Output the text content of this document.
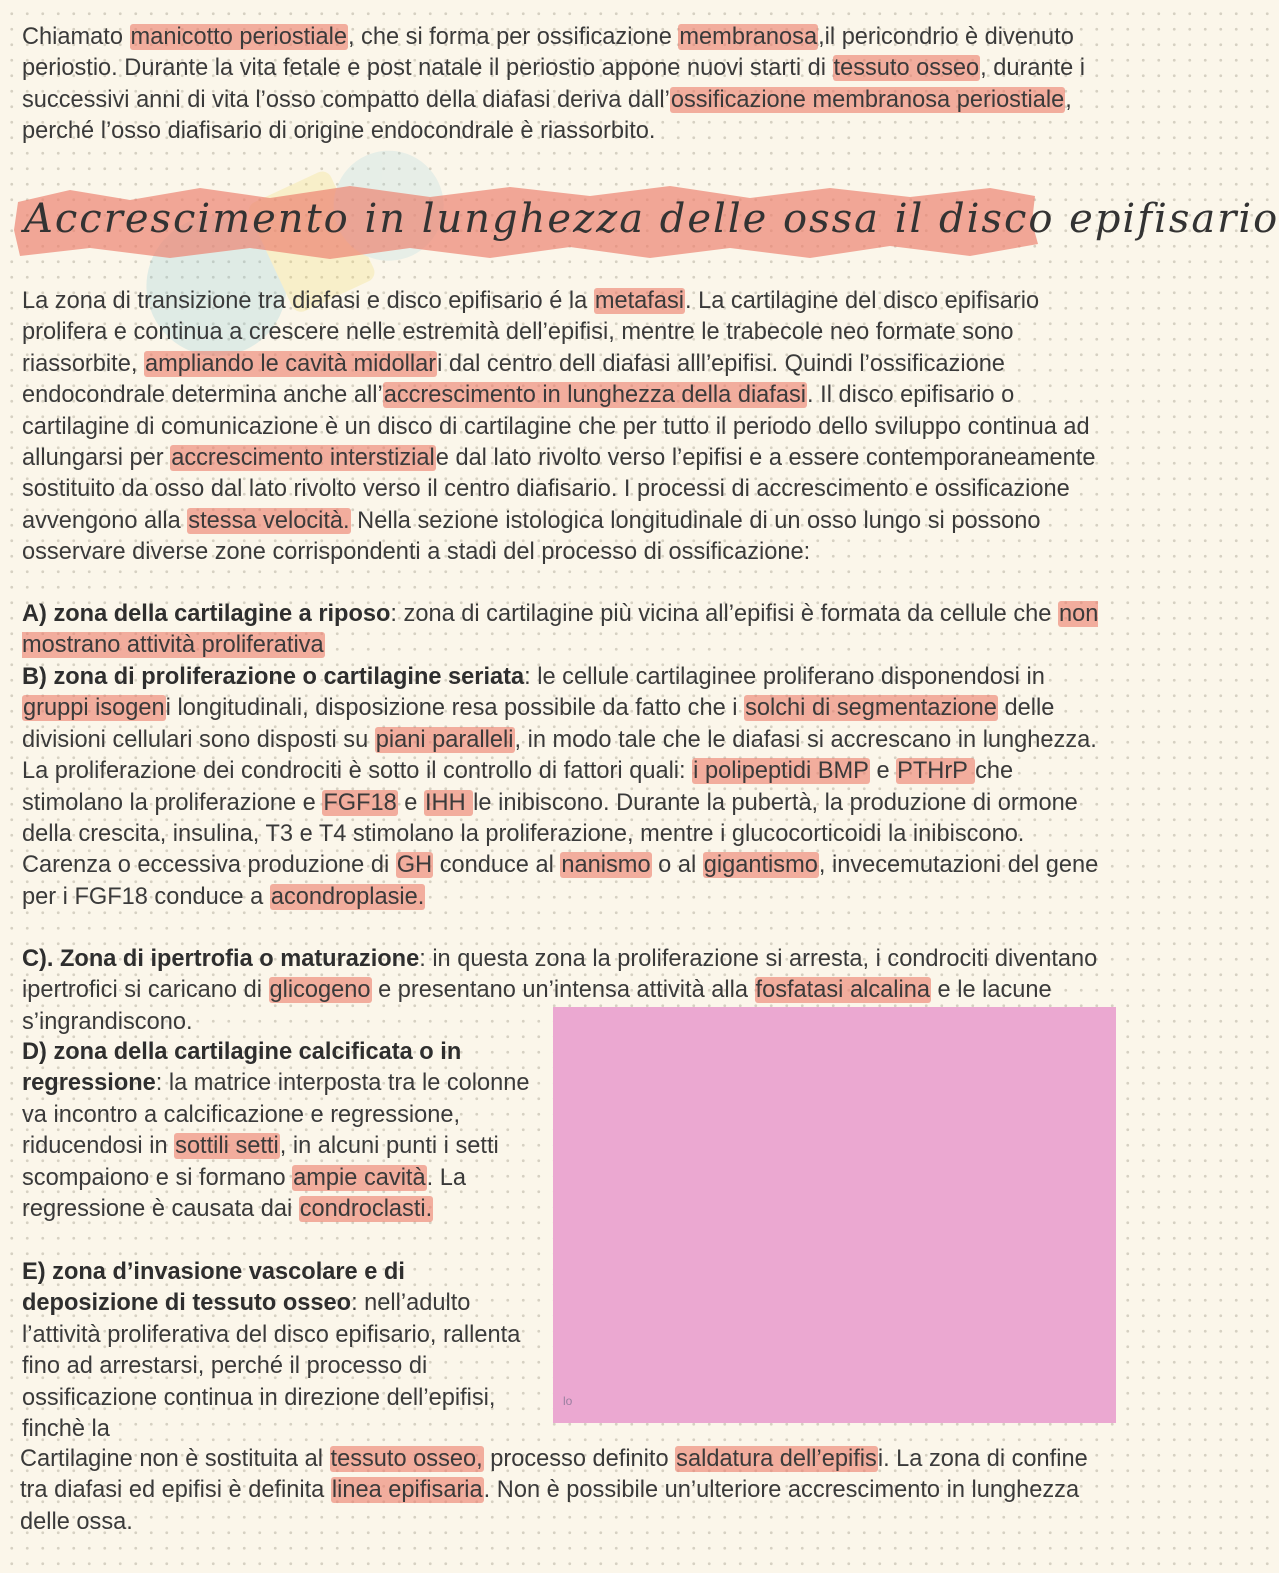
Chiamato manicotto periostiale, che si forma per ossificazione membranosa,il pericondrio è divenuto periostio. Durante la vita fetale e post natale il periostio appone nuovi starti di tessuto osseo, durante i successivi anni di vita l’osso compatto della diafasi deriva dall’ossificazione membranosa periostiale, perché l’osso diafisario di origine endocondrale è riassorbito.

Accrescimento in lunghezza delle ossa il disco epifisario

La zona di transizione tra diafasi e disco epifisario é la metafasi. La cartilagine del disco epifisario prolifera e continua a crescere nelle estremità dell’epifisi, mentre le trabecole neo formate sono riassorbite, ampliando le cavità midollari dal centro dell diafasi alll’epifisi. Quindi l’ossificazione endocondrale determina anche all’accrescimento in lunghezza della diafasi. Il disco epifisario o cartilagine di comunicazione è un disco di cartilagine che per tutto il periodo dello sviluppo continua ad allungarsi per accrescimento interstiziale dal lato rivolto verso l’epifisi e a essere contemporaneamente sostituito da osso dal lato rivolto verso il centro diafisario. I processi di accrescimento e ossificazione avvengono alla stessa velocità. Nella sezione istologica longitudinale di un osso lungo si possono osservare diverse zone corrispondenti a stadi del processo di ossificazione:

A) zona della cartilagine a riposo: zona di cartilagine più vicina all’epifisi è formata da cellule che non mostrano attività proliferativa

B) zona di proliferazione o cartilagine seriata: le cellule cartilaginee proliferano disponendosi in gruppi isogeni longitudinali, disposizione resa possibile da fatto che i solchi di segmentazione delle divisioni cellulari sono disposti su piani paralleli, in modo tale che le diafasi si accrescano in lunghezza. La proliferazione dei condrociti è sotto il controllo di fattori quali: i polipeptidi BMP e PTHrP che stimolano la proliferazione e FGF18 e IHH le inibiscono. Durante la pubertà, la produzione di ormone della crescita, insulina, T3 e T4 stimolano la proliferazione, mentre i glucocorticoidi la inibiscono. Carenza o eccessiva produzione di GH conduce al nanismo o al gigantismo, invecemutazioni del gene per i FGF18 conduce a acondroplasie.

C). Zona di ipertrofia o maturazione: in questa zona la proliferazione si arresta, i condrociti diventano ipertrofici si caricano di glicogeno e presentano un’intensa attività alla fosfatasi alcalina e le lacune s’ingrandiscono.

lo

D) zona della cartilagine calcificata o in regressione: la matrice interposta tra le colonne va incontro a calcificazione e regressione, riducendosi in sottili setti, in alcuni punti i setti scompaiono e si formano ampie cavità. La regressione è causata dai condroclasti.

E) zona d’invasione vascolare e di deposizione di tessuto osseo: nell’adulto l’attività proliferativa del disco epifisario, rallenta fino ad arrestarsi, perché il processo di ossificazione continua in direzione dell’epifisi, finchè la

Cartilagine non è sostituita al tessuto osseo, processo definito saldatura dell’epifisi. La zona di confine tra diafasi ed epifisi è definita linea epifisaria. Non è possibile un’ulteriore accrescimento in lunghezza delle ossa.
